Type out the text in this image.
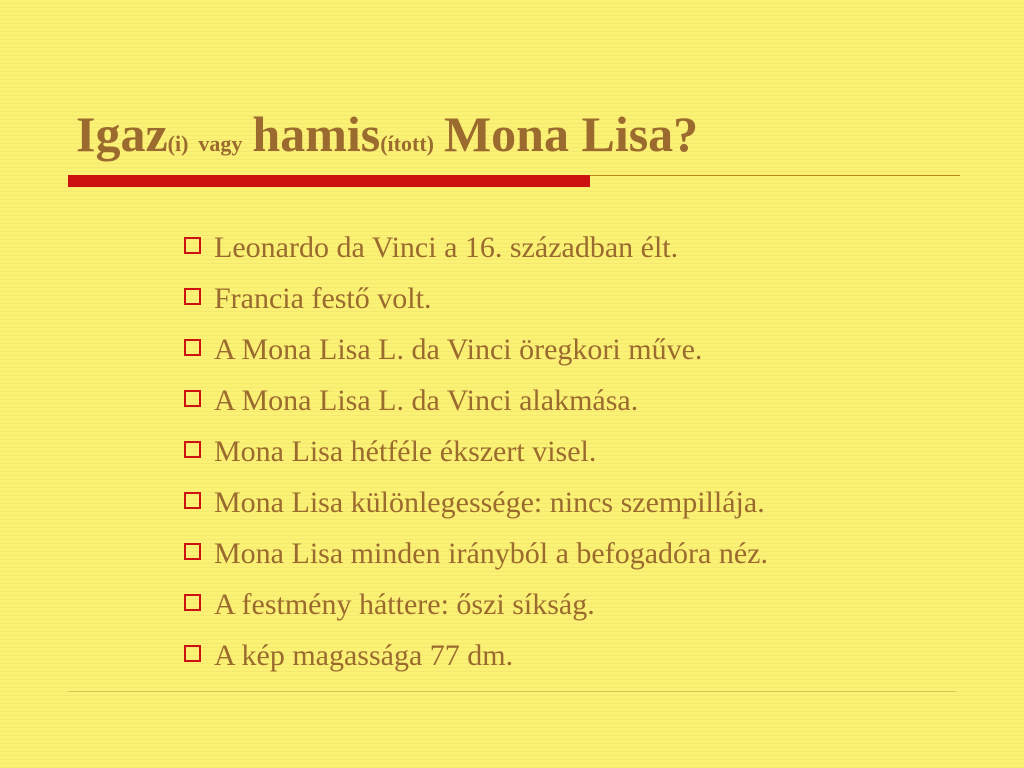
Igaz(i) vagy hamis(ított) Mona Lisa?
Leonardo da Vinci a 16. században élt.
Francia festő volt.
A Mona Lisa L. da Vinci öregkori műve.
A Mona Lisa L. da Vinci alakmása.
Mona Lisa hétféle ékszert visel.
Mona Lisa különlegessége: nincs szempillája.
Mona Lisa minden irányból a befogadóra néz.
A festmény háttere: őszi síkság.
A kép magassága 77 dm.
